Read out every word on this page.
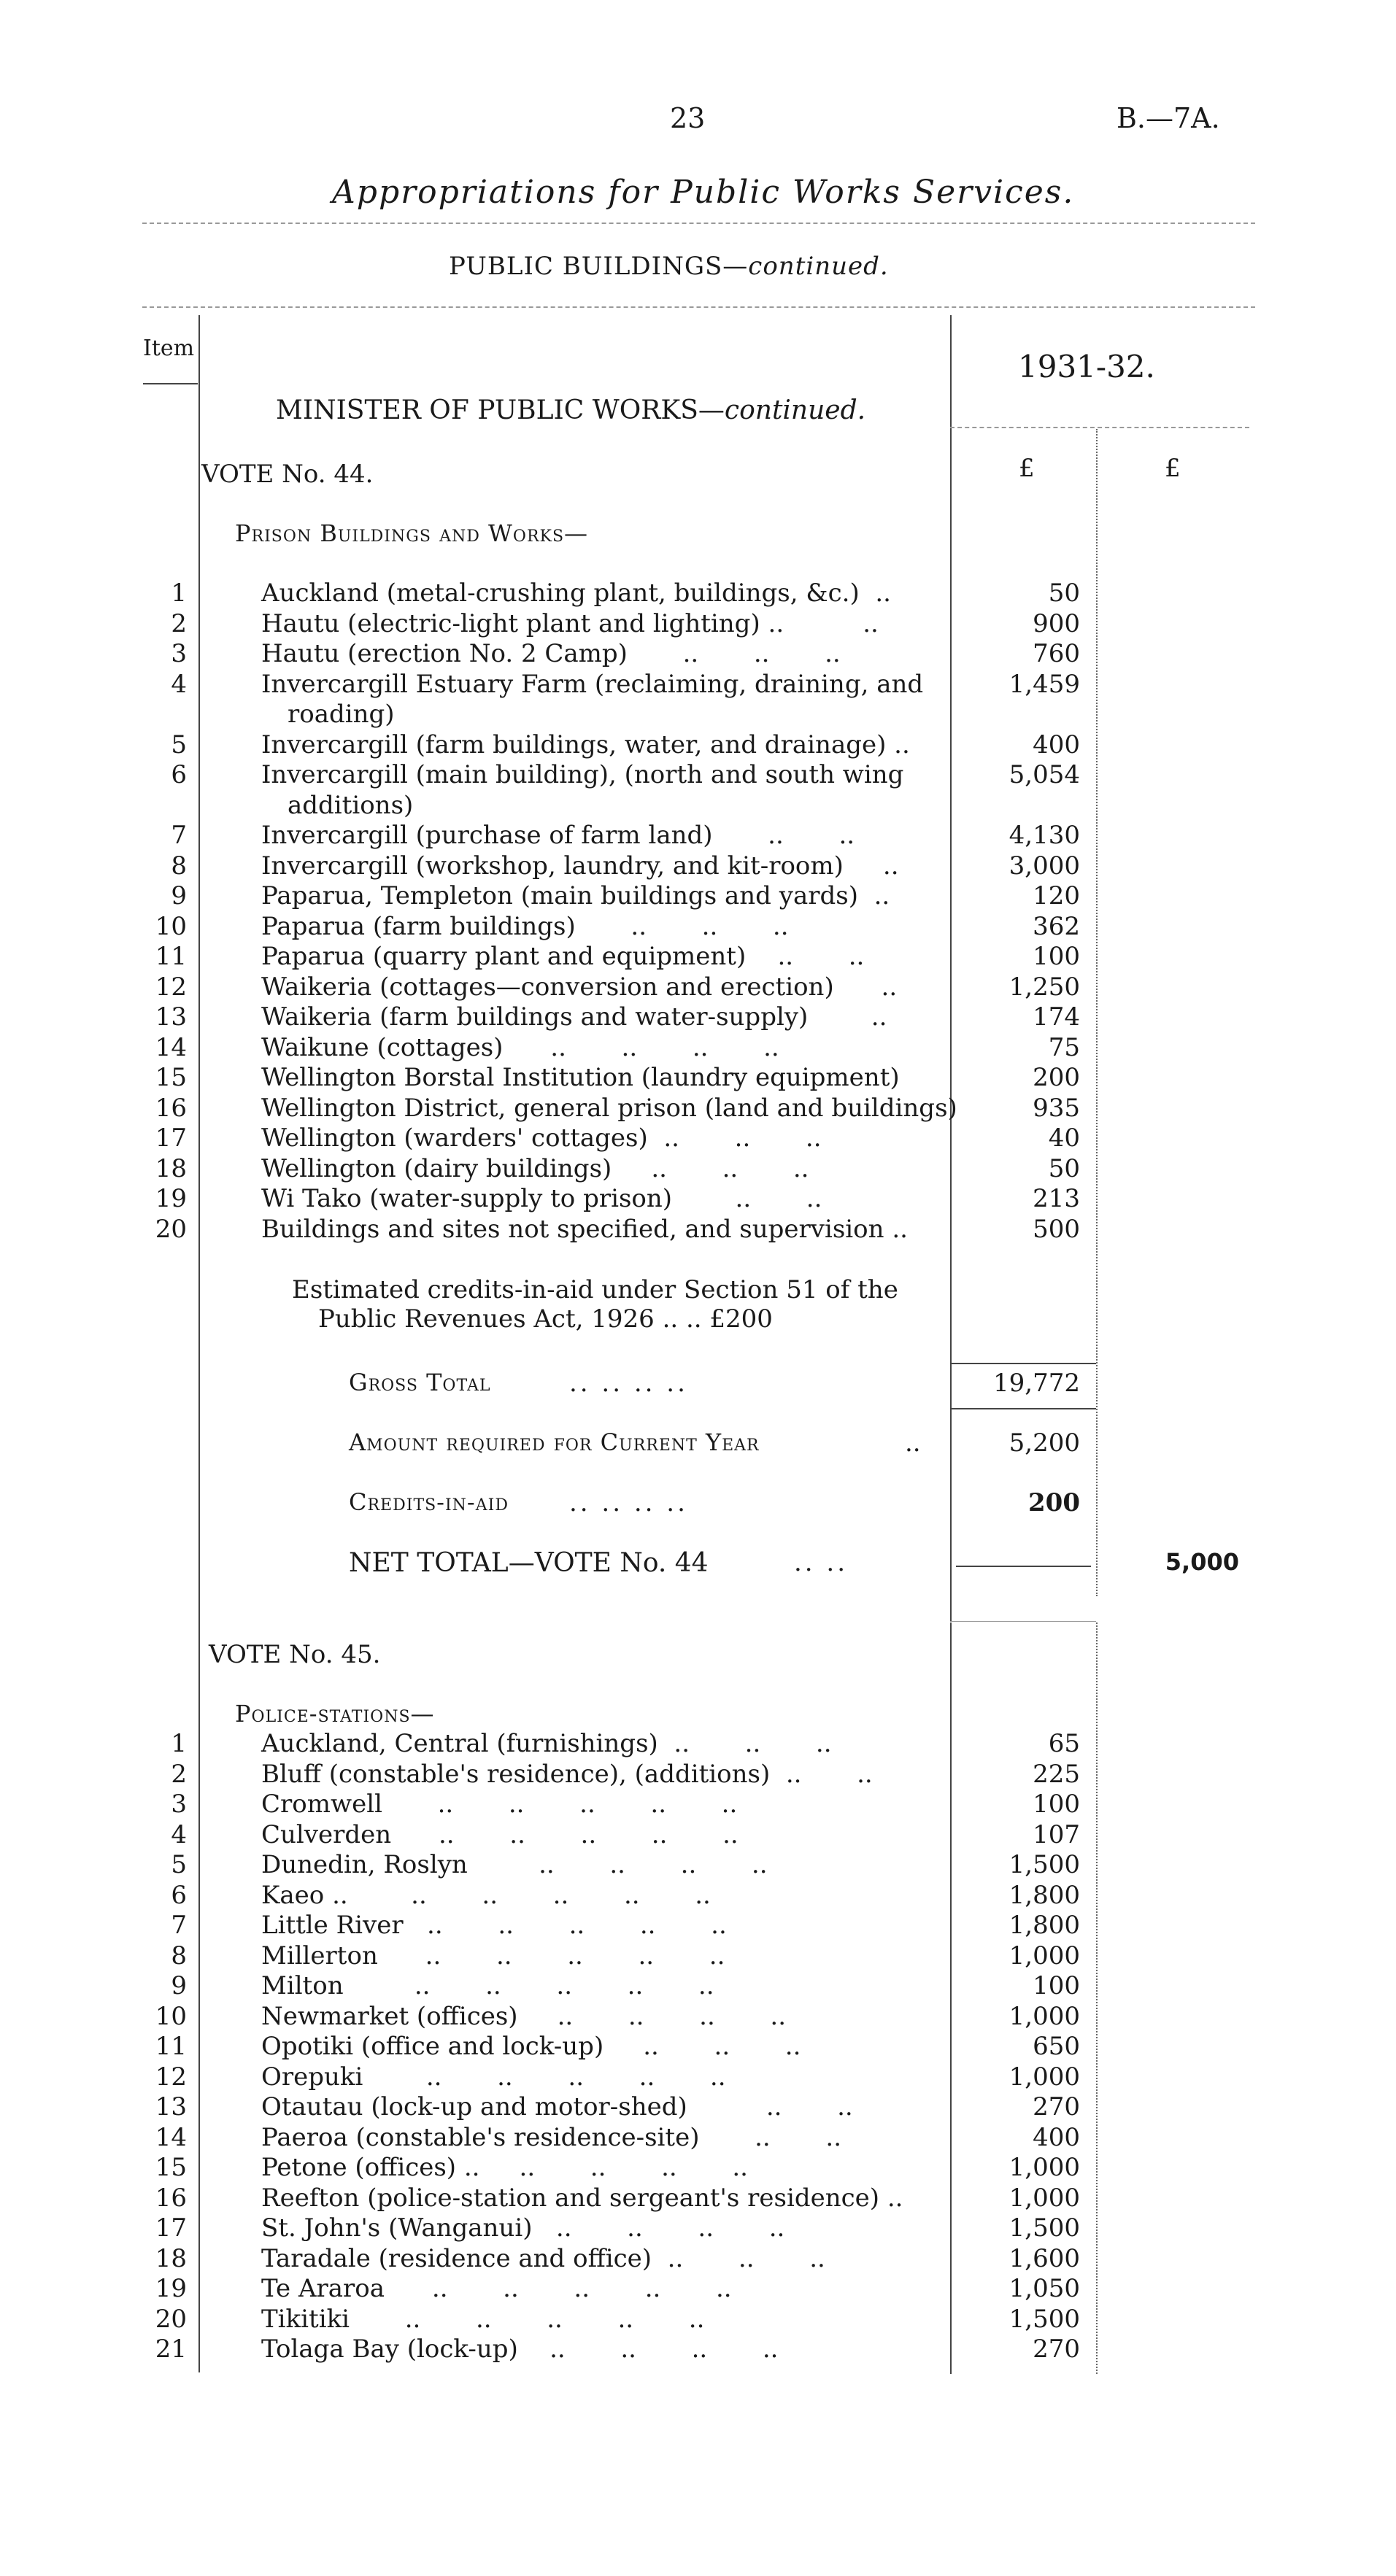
23	B.—7A.
Appropriations for Public Works Services.
PUBLIC BUILDINGS—continued.
Item
1931-32.
MINISTER OF PUBLIC WORKS—continued.
£	£
VOTE No. 44.
Prison Buildings and Works—
1	Auckland (metal-crushing plant, buildings, &c.)  ..	50
2	Hautu (electric-light plant and lighting) ..          ..	900
3	Hautu (erection No. 2 Camp)       ..       ..       ..	760
4	Invercargill Estuary Farm (reclaiming, draining, and	1,459
roading)
5	Invercargill (farm buildings, water, and drainage) ..	400
6	Invercargill (main building), (north and south wing	5,054
additions)
7	Invercargill (purchase of farm land)       ..       ..	4,130
8	Invercargill (workshop, laundry, and kit-room)     ..	3,000
9	Paparua, Templeton (main buildings and yards)  ..	120
10	Paparua (farm buildings)       ..       ..       ..	362
11	Paparua (quarry plant and equipment)    ..       ..	100
12	Waikeria (cottages—conversion and erection)      ..	1,250
13	Waikeria (farm buildings and water-supply)        ..	174
14	Waikune (cottages)      ..       ..       ..       ..	75
15	Wellington Borstal Institution (laundry equipment)	200
16	Wellington District, general prison (land and buildings)	935
17	Wellington (warders' cottages)  ..       ..       ..	40
18	Wellington (dairy buildings)     ..       ..       ..	50
19	Wi Tako (water-supply to prison)        ..       ..	213
20	Buildings and sites not specified, and supervision ..	500
Estimated credits-in-aid under Section 51 of the
Public Revenues Act, 1926 .. .. £200
Gross Total	.. .. .. ..	19,772
Amount required for Current Year	..	5,200
Credits-in-aid .. .. .. ..	200
NET TOTAL—VOTE No. 44	.. ..	5,000
VOTE No. 45.
Police-stations—
1	Auckland, Central (furnishings)  ..       ..       ..	65
2	Bluff (constable's residence), (additions)  ..       ..	225
3	Cromwell       ..       ..       ..       ..       ..	100
4	Culverden      ..       ..       ..       ..       ..	107
5	Dunedin, Roslyn         ..       ..       ..       ..	1,500
6	Kaeo ..        ..       ..       ..       ..       ..	1,800
7	Little River   ..       ..       ..       ..       ..	1,800
8	Millerton      ..       ..       ..       ..       ..	1,000
9	Milton         ..       ..       ..       ..       ..	100
10	Newmarket (offices)     ..       ..       ..       ..	1,000
11	Opotiki (office and lock-up)     ..       ..       ..	650
12	Orepuki        ..       ..       ..       ..       ..	1,000
13	Otautau (lock-up and motor-shed)          ..       ..	270
14	Paeroa (constable's residence-site)       ..       ..	400
15	Petone (offices) ..     ..       ..       ..       ..	1,000
16	Reefton (police-station and sergeant's residence) ..	1,000
17	St. John's (Wanganui)   ..       ..       ..       ..	1,500
18	Taradale (residence and office)  ..       ..       ..	1,600
19	Te Araroa      ..       ..       ..       ..       ..	1,050
20	Tikitiki       ..       ..       ..       ..       ..	1,500
21	Tolaga Bay (lock-up)    ..       ..       ..       ..	270
